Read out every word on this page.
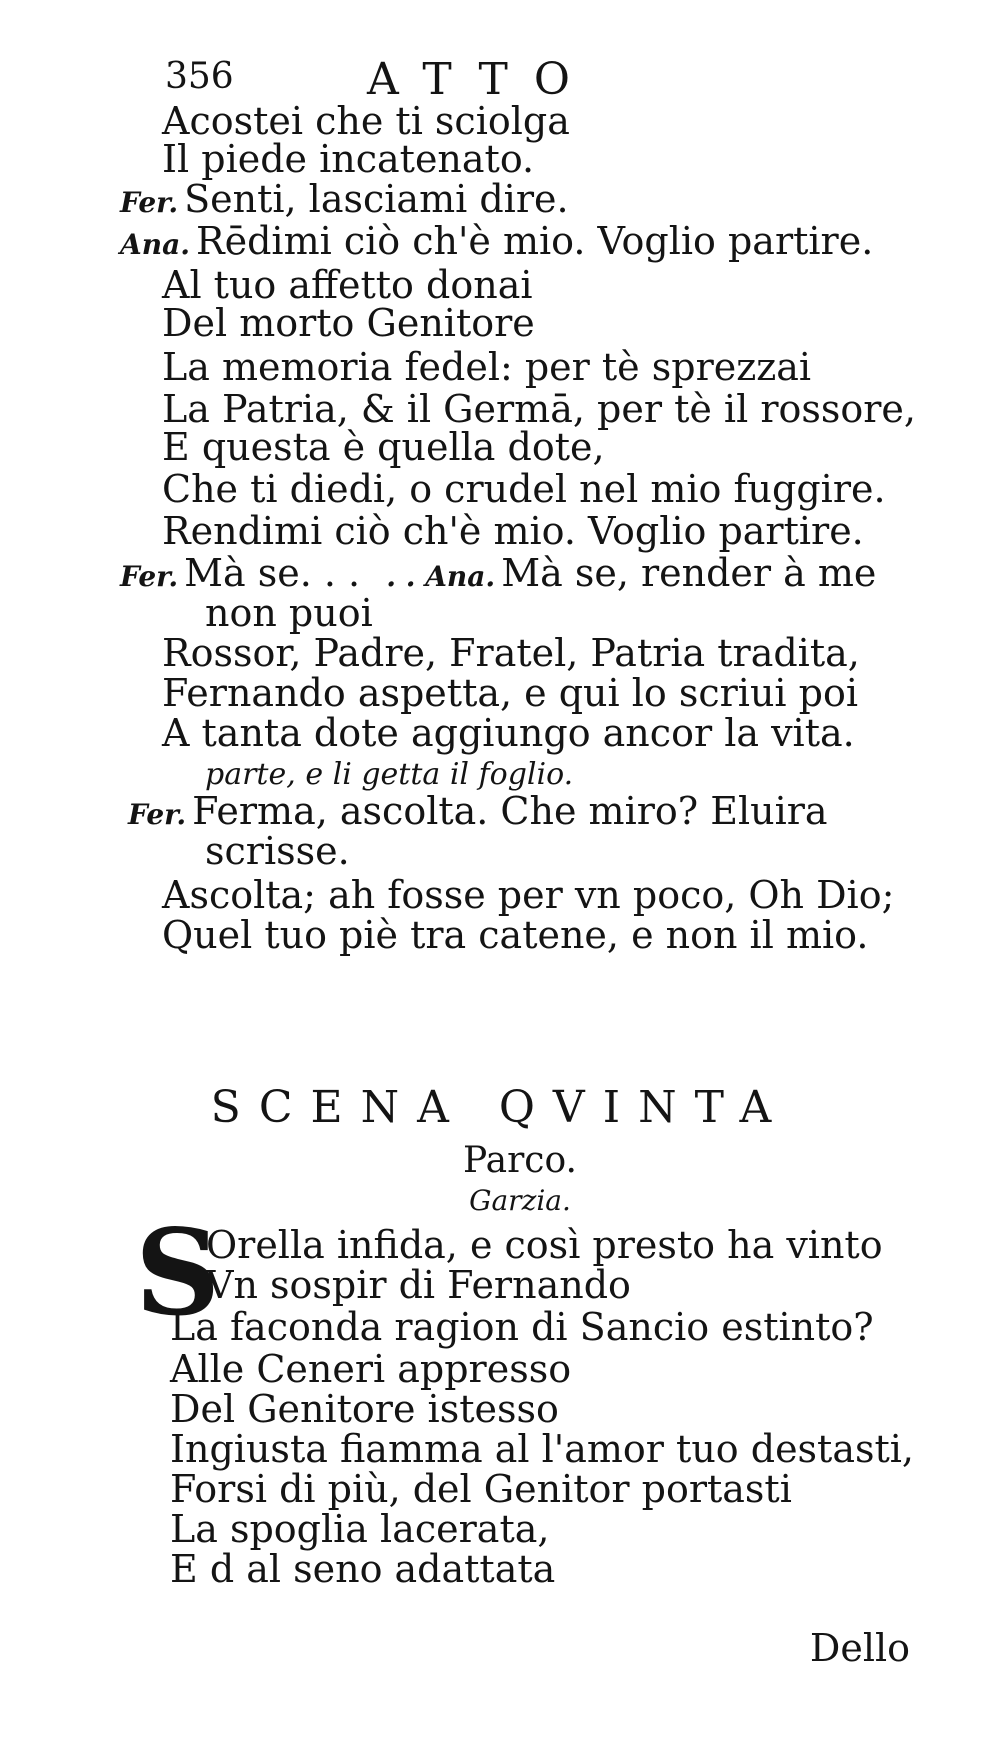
356	ATTO
Acostei che ti sciolga
Il piede incatenato.
Fer. Senti, lasciami dire.
Ana. Rēdimi ciò ch'è mio. Voglio partire.
Al tuo affetto donai
Del morto Genitore
La memoria fedel: per tè sprezzai
La Patria, & il Germā, per tè il rossore,
E questa è quella dote,
Che ti diedi, o crudel nel mio fuggire.
Rendimi ciò ch'è mio. Voglio partire.
Fer. Mà se. . . . . Ana. Mà se, render à me
non puoi
Rossor, Padre, Fratel, Patria tradita,
Fernando aspetta, e qui lo scriui poi
A tanta dote aggiungo ancor la vita.
parte, e li getta il foglio.
Fer. Ferma, ascolta. Che miro? Eluira
scrisse.
Ascolta; ah fosse per vn poco, Oh Dio;
Quel tuo piè tra catene, e non il mio.
SCENA QVINTA
Parco.
Garzia.
S
Orella infida, e così presto ha vinto
Vn sospir di Fernando
La faconda ragion di Sancio estinto?
Alle Ceneri appresso
Del Genitore istesso
Ingiusta fiamma al l'amor tuo destasti,
Forsi di più, del Genitor portasti
La spoglia lacerata,
E d al seno adattata
Dello
